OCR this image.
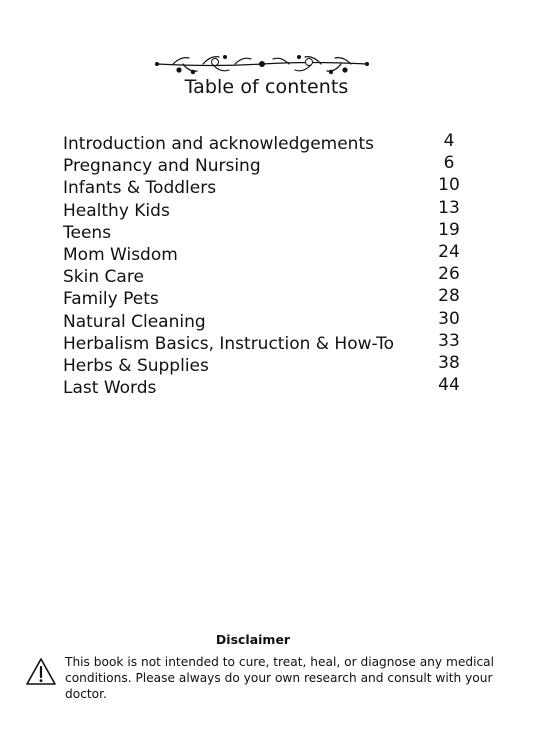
Table of contents
Introduction and acknowledgements	4
Pregnancy and Nursing	6
Infants & Toddlers	10
Healthy Kids	13
Teens	19
Mom Wisdom	24
Skin Care	26
Family Pets	28
Natural Cleaning	30
Herbalism Basics, Instruction & How-To	33
Herbs & Supplies	38
Last Words	44
Disclaimer
This book is not intended to cure, treat, heal, or diagnose any medical conditions. Please always do your own research and consult with your doctor.
